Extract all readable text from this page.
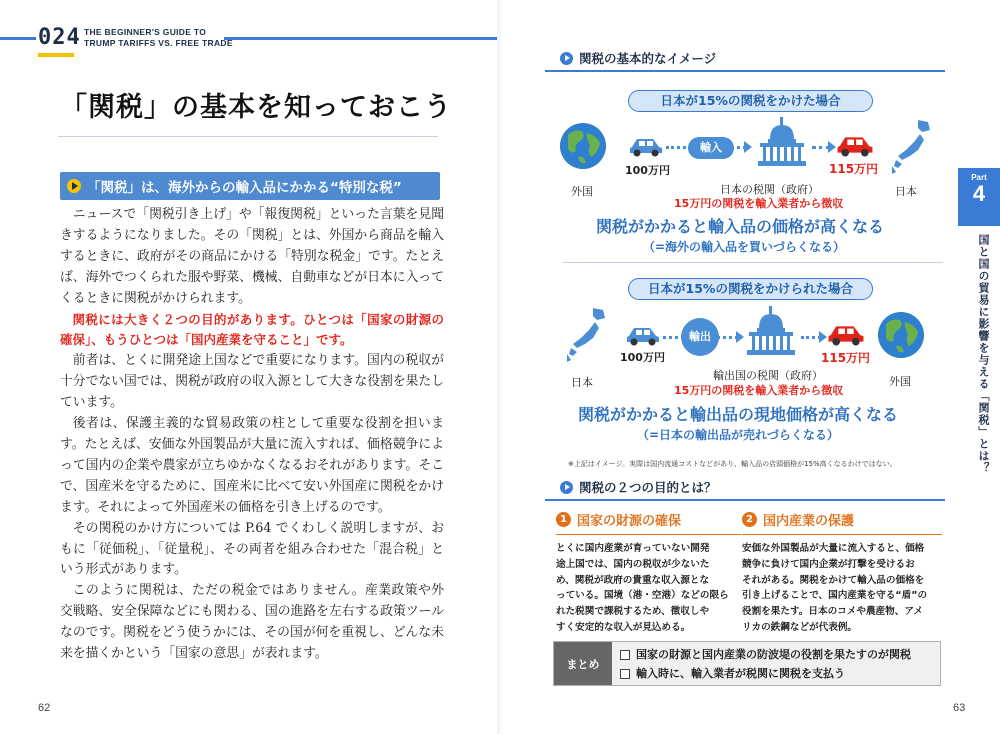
024 THE BEGINNER'S GUIDE TO
TRUMP TARIFFS VS. FREE TRADE
「関税」の基本を知っておこう
「関税」は、海外からの輸入品にかかる“特別な税”

ニュースで「関税引き上げ」や「報復関税」といった言葉を見聞きするようになりました。その「関税」とは、外国から商品を輸入するときに、政府がその商品にかける「特別な税金」です。たとえば、海外でつくられた服や野菜、機械、自動車などが日本に入ってくるときに関税がかけられます。

関税には大きく２つの目的があります。ひとつは「国家の財源の確保」、もうひとつは「国内産業を守ること」です。

前者は、とくに開発途上国などで重要になります。国内の税収が十分でない国では、関税が政府の収入源として大きな役割を果たしています。

後者は、保護主義的な貿易政策の柱として重要な役割を担います。たとえば、安価な外国製品が大量に流入すれば、価格競争によって国内の企業や農家が立ちゆかなくなるおそれがあります。そこで、国産米を守るために、国産米に比べて安い外国産に関税をかけます。それによって外国産米の価格を引き上げるのです。

その関税のかけ方については P.64 でくわしく説明しますが、おもに「従価税」、「従量税」、その両者を組み合わせた「混合税」という形式があります。

このように関税は、ただの税金ではありません。産業政策や外交戦略、安全保障などにも関わる、国の進路を左右する政策ツールなのです。関税をどう使うかには、その国が何を重視し、どんな未来を描くかという「国家の意思」が表れます。

62
関税の基本的なイメージ
日本が15%の関税をかけた場合
外国
100万円
輸入
日本の税関（政府）
115万円
日本
15万円の関税を輸入業者から徴収
関税がかかると輸入品の価格が高くなる
（=海外の輸入品を買いづらくなる）
日本が15%の関税をかけられた場合
日本
100万円
輸出
輸出国の税関（政府）
115万円
外国
15万円の関税を輸入業者から徴収
関税がかかると輸出品の現地価格が高くなる
（=日本の輸出品が売れづらくなる）
※上記はイメージ。実際は国内流通コストなどがあり、輸入品の店頭価格が15%高くなるわけではない。
関税の２つの目的とは？
1 国家の財源の確保
とくに国内産業が育っていない開発
途上国では、国内の税収が少ないた
め、関税が政府の貴重な収入源とな
っている。国境（港・空港）などの限ら
れた税関で課税するため、徴収しや
すく安定的な収入が見込める。
2 国内産業の保護
安価な外国製品が大量に流入すると、価格
競争に負けて国内企業が打撃を受けるお
それがある。関税をかけて輸入品の価格を
引き上げることで、国内産業を守る“盾”の
役割を果たす。日本のコメや農産物、アメ
リカの鉄鋼などが代表例。
まとめ
国家の財源と国内産業の防波堤の役割を果たすのが関税
輸入時に、輸入業者が税関に関税を支払う
Part
4
国と国の貿易に影響を与える「関税」とは？
63
